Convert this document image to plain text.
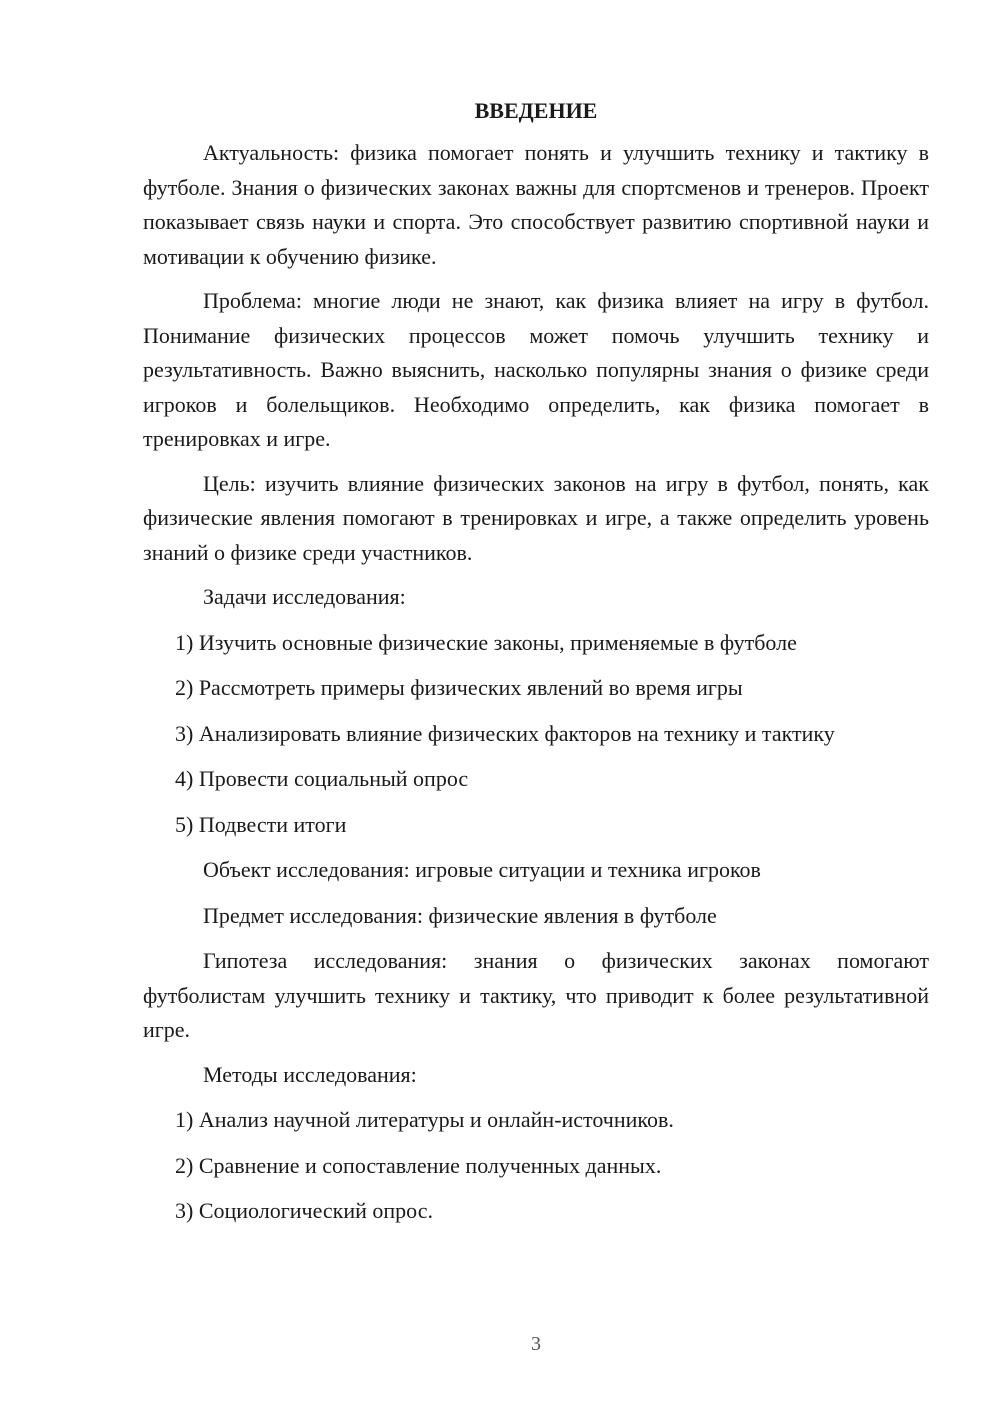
ВВЕДЕНИЕ

Актуальность: физика помогает понять и улучшить технику и тактику в футболе. Знания о физических законах важны для спортсменов и тренеров. Проект показывает связь науки и спорта. Это способствует развитию спортивной науки и мотивации к обучению физике.

Проблема: многие люди не знают, как физика влияет на игру в футбол. Понимание физических процессов может помочь улучшить технику и результативность. Важно выяснить, насколько популярны знания о физике среди игроков и болельщиков. Необходимо определить, как физика помогает в тренировках и игре.

Цель: изучить влияние физических законов на игру в футбол, понять, как физические явления помогают в тренировках и игре, а также определить уровень знаний о физике среди участников.

Задачи исследования:
1) Изучить основные физические законы, применяемые в футболе
2) Рассмотреть примеры физических явлений во время игры
3) Анализировать влияние физических факторов на технику и тактику
4) Провести социальный опрос
5) Подвести итоги
Объект исследования: игровые ситуации и техника игроков
Предмет исследования: физические явления в футболе

Гипотеза исследования: знания о физических законах помогают футболистам улучшить технику и тактику, что приводит к более результативной игре.

Методы исследования:
1) Анализ научной литературы и онлайн-источников.
2) Сравнение и сопоставление полученных данных.
3) Социологический опрос.
3
